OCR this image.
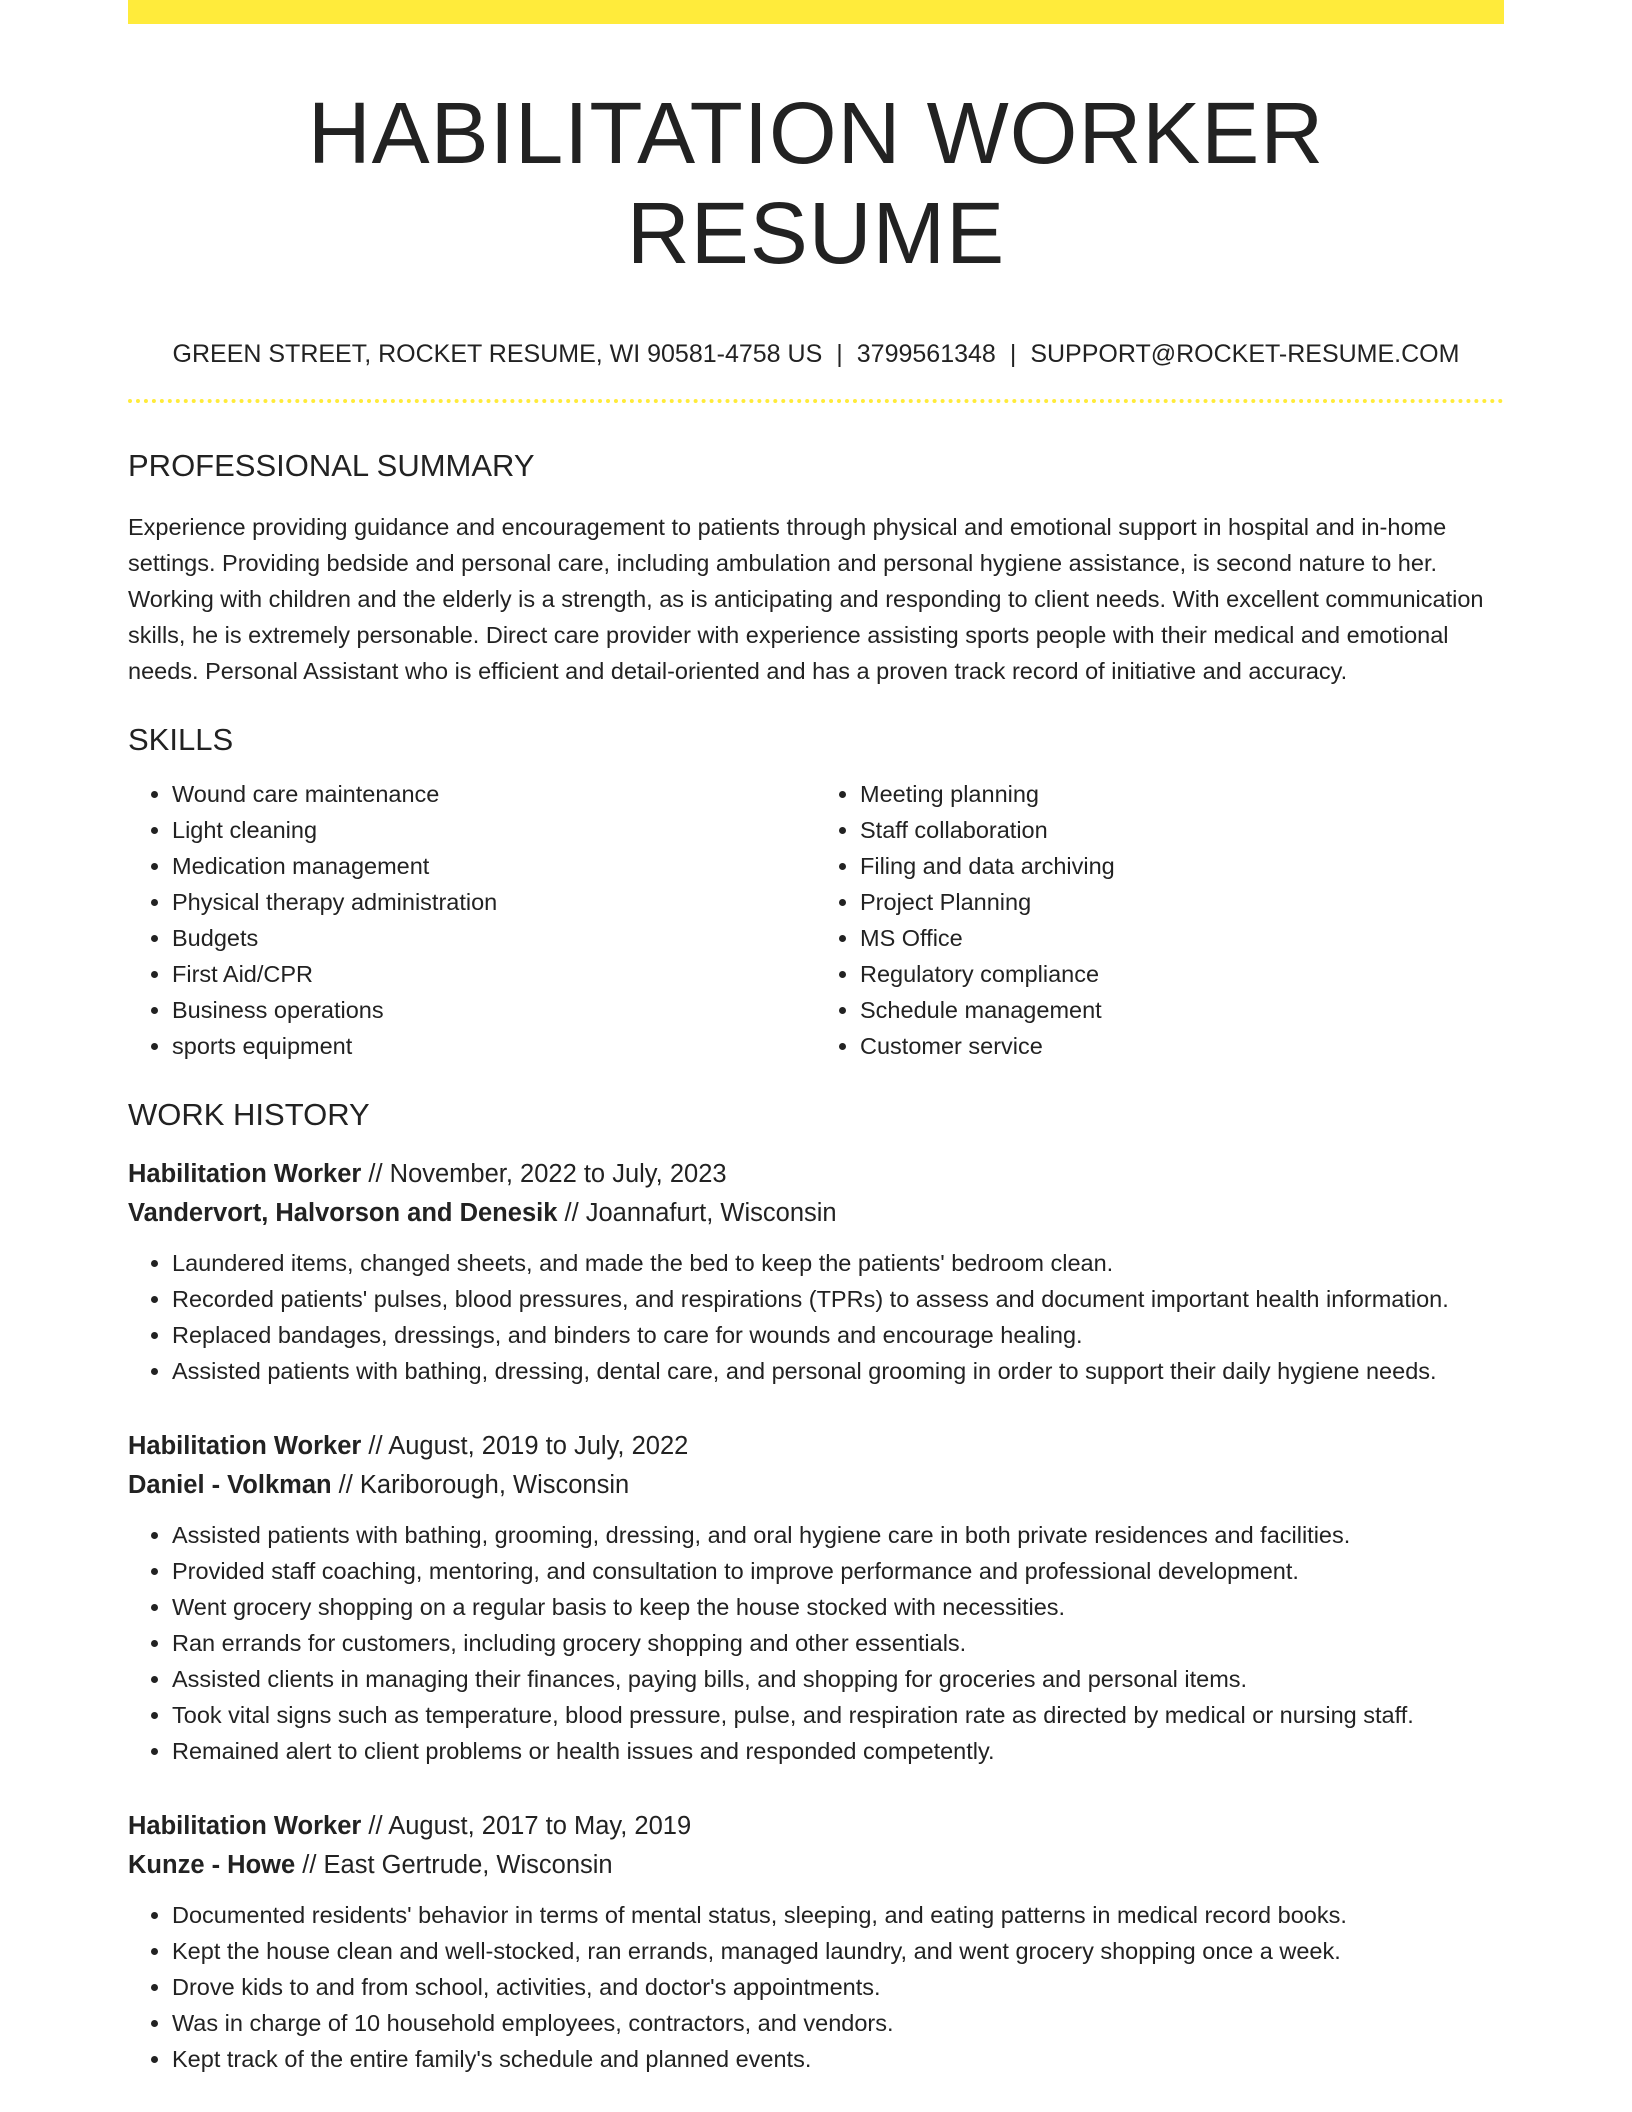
HABILITATION WORKER RESUME
GREEN STREET, ROCKET RESUME, WI 90581-4758 US | 3799561348 | SUPPORT@ROCKET-RESUME.COM
PROFESSIONAL SUMMARY

Experience providing guidance and encouragement to patients through physical and emotional support in hospital and in-home settings. Providing bedside and personal care, including ambulation and personal hygiene assistance, is second nature to her. Working with children and the elderly is a strength, as is anticipating and responding to client needs. With excellent communication skills, he is extremely personable. Direct care provider with experience assisting sports people with their medical and emotional needs. Personal Assistant who is efficient and detail-oriented and has a proven track record of initiative and accuracy.

SKILLS
• Wound care maintenance
• Light cleaning
• Medication management
• Physical therapy administration
• Budgets
• First Aid/CPR
• Business operations
• sports equipment
• Meeting planning
• Staff collaboration
• Filing and data archiving
• Project Planning
• MS Office
• Regulatory compliance
• Schedule management
• Customer service
WORK HISTORY
Habilitation Worker // November, 2022 to July, 2023
Vandervort, Halvorson and Denesik // Joannafurt, Wisconsin
• Laundered items, changed sheets, and made the bed to keep the patients' bedroom clean.
• Recorded patients' pulses, blood pressures, and respirations (TPRs) to assess and document important health information.
• Replaced bandages, dressings, and binders to care for wounds and encourage healing.
• Assisted patients with bathing, dressing, dental care, and personal grooming in order to support their daily hygiene needs.
Habilitation Worker // August, 2019 to July, 2022
Daniel - Volkman // Kariborough, Wisconsin
• Assisted patients with bathing, grooming, dressing, and oral hygiene care in both private residences and facilities.
• Provided staff coaching, mentoring, and consultation to improve performance and professional development.
• Went grocery shopping on a regular basis to keep the house stocked with necessities.
• Ran errands for customers, including grocery shopping and other essentials.
• Assisted clients in managing their finances, paying bills, and shopping for groceries and personal items.
• Took vital signs such as temperature, blood pressure, pulse, and respiration rate as directed by medical or nursing staff.
• Remained alert to client problems or health issues and responded competently.
Habilitation Worker // August, 2017 to May, 2019
Kunze - Howe // East Gertrude, Wisconsin
• Documented residents' behavior in terms of mental status, sleeping, and eating patterns in medical record books.
• Kept the house clean and well-stocked, ran errands, managed laundry, and went grocery shopping once a week.
• Drove kids to and from school, activities, and doctor's appointments.
• Was in charge of 10 household employees, contractors, and vendors.
• Kept track of the entire family's schedule and planned events.
